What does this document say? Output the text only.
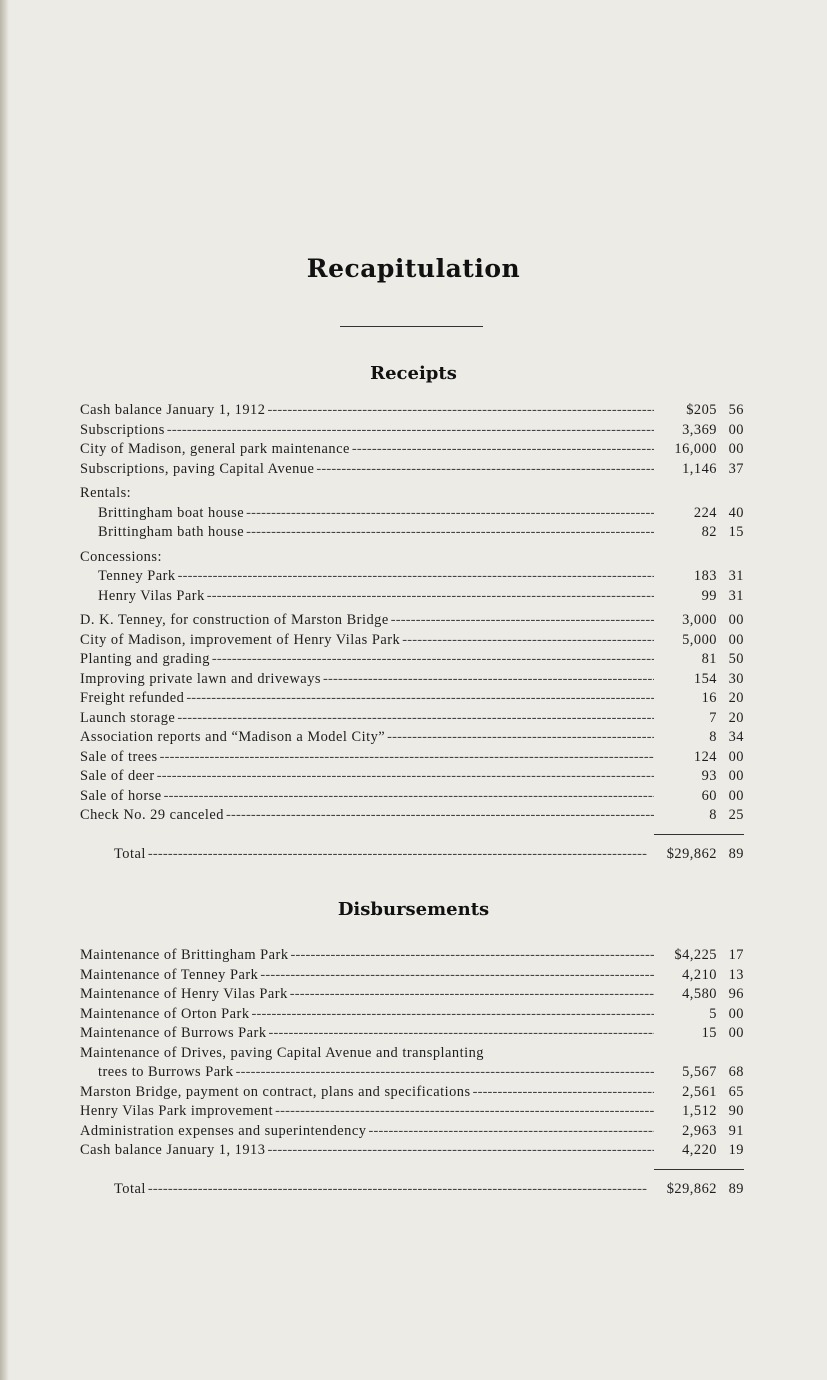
Recapitulation
Receipts
Cash balance January 1, 1912 -----	$205 56
Subscriptions -----	3,369 00
City of Madison, general park maintenance -----	16,000 00
Subscriptions, paving Capital Avenue -----	1,146 37
Rentals:
Brittingham boat house -----	224 40
Brittingham bath house -----	82 15
Concessions:
Tenney Park -----	183 31
Henry Vilas Park -----	99 31
D. K. Tenney, for construction of Marston Bridge -----	3,000 00
City of Madison, improvement of Henry Vilas Park -----	5,000 00
Planting and grading -----	81 50
Improving private lawn and driveways -----	154 30
Freight refunded -----	16 20
Launch storage -----	7 20
Association reports and “Madison a Model City” -----	8 34
Sale of trees -----	124 00
Sale of deer -----	93 00
Sale of horse -----	60 00
Check No. 29 canceled -----	8 25
Total -----	$29,862 89
Disbursements
Maintenance of Brittingham Park -----	$4,225 17
Maintenance of Tenney Park -----	4,210 13
Maintenance of Henry Vilas Park -----	4,580 96
Maintenance of Orton Park -----	5 00
Maintenance of Burrows Park -----	15 00
Maintenance of Drives, paving Capital Avenue and transplanting
trees to Burrows Park -----	5,567 68
Marston Bridge, payment on contract, plans and specifications -----	2,561 65
Henry Vilas Park improvement -----	1,512 90
Administration expenses and superintendency -----	2,963 91
Cash balance January 1, 1913 -----	4,220 19
Total -----	$29,862 89
